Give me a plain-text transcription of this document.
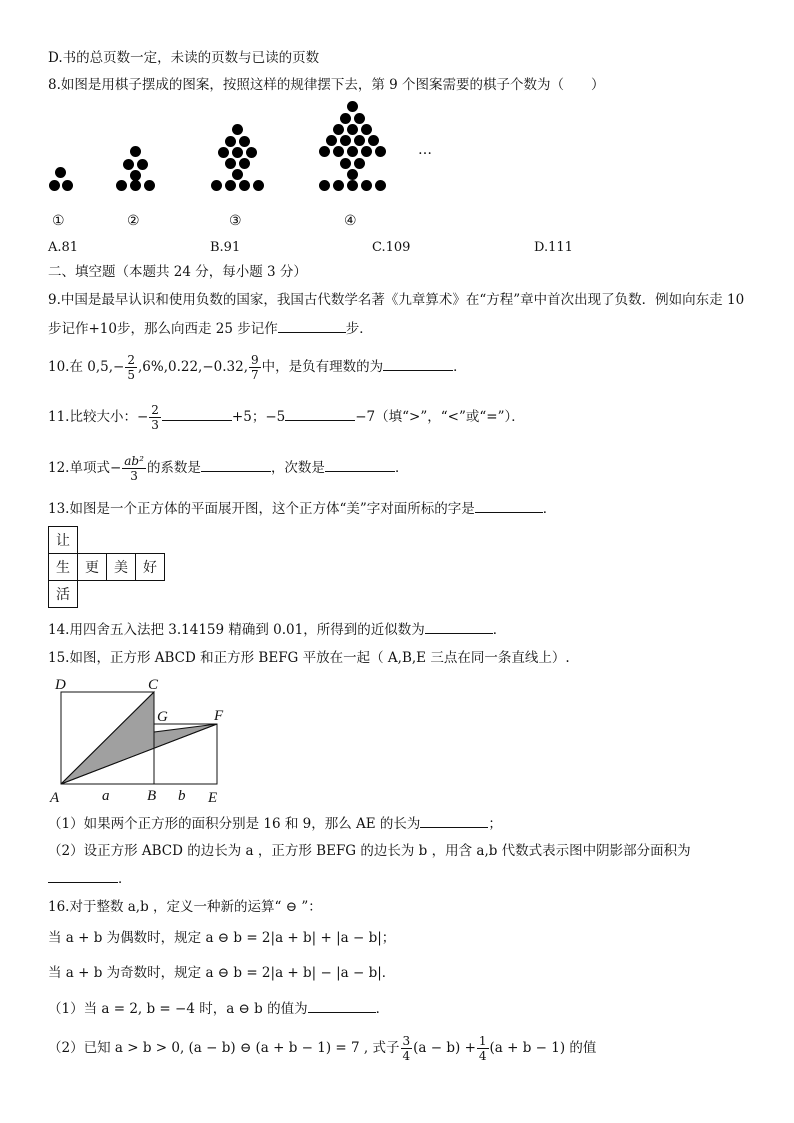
D.书的总页数一定，未读的页数与已读的页数
8.如图是用棋子摆成的图案，按照这样的规律摆下去，第 9 个图案需要的棋子个数为（　　）
…
①	②	③	④
A.81	B.91	C.109	D.111
二、填空题（本题共 24 分，每小题 3 分）
9.中国是最早认识和使用负数的国家，我国古代数学名著《九章算术》在“方程”章中首次出现了负数．例如向东走 10
步记作+10步，那么向西走 25 步记作	步．
10.在 $0,5,- \frac{2}{5} ,6\%,0.22,-0.32$, $\frac{9}{7}$ 中，是负有理数的为	．
11.比较大小：− $\frac{2}{3}$	+5；−5	−7（填“>”，“<”或“=”）．
12.单项式− $\frac{\text{ab²}}{3}$ 的系数是	，次数是	．
13.如图是一个正方体的平面展开图，这个正方体“美”字对面所标的字是	．
让			
生	更	美	好
活			
14.用四舍五入法把 3.14159 精确到 0.01，所得到的近似数为	．
15.如图，正方形 ABCD 和正方形 BEFG 平放在一起（ A,B,E 三点在同一条直线上）.
D	C
G	F
A	a	B b E
（1）如果两个正方形的面积分别是 16 和 9，那么 AE 的长为	；
（2）设正方形 ABCD 的边长为 a ，正方形 BEFG 的边长为 b ，用含 a,b 代数式表示图中阴影部分面积为
．
16.对于整数 a,b ，定义一种新的运算“ ⊖ ”：
当 a + b 为偶数时，规定 a ⊖ b = 2|a + b| + |a − b|；
当 a + b 为奇数时，规定 a ⊖ b = 2|a + b| − |a − b|．
（1）当 a = 2, b = −4 时，a ⊖ b 的值为	．
（2）已知 a > b > 0, (a − b) ⊖ (a + b − 1) = 7 , 式子 $\frac{3}{4} (a - b) + \frac{1}{4} (a + b - 1)$ 的值
